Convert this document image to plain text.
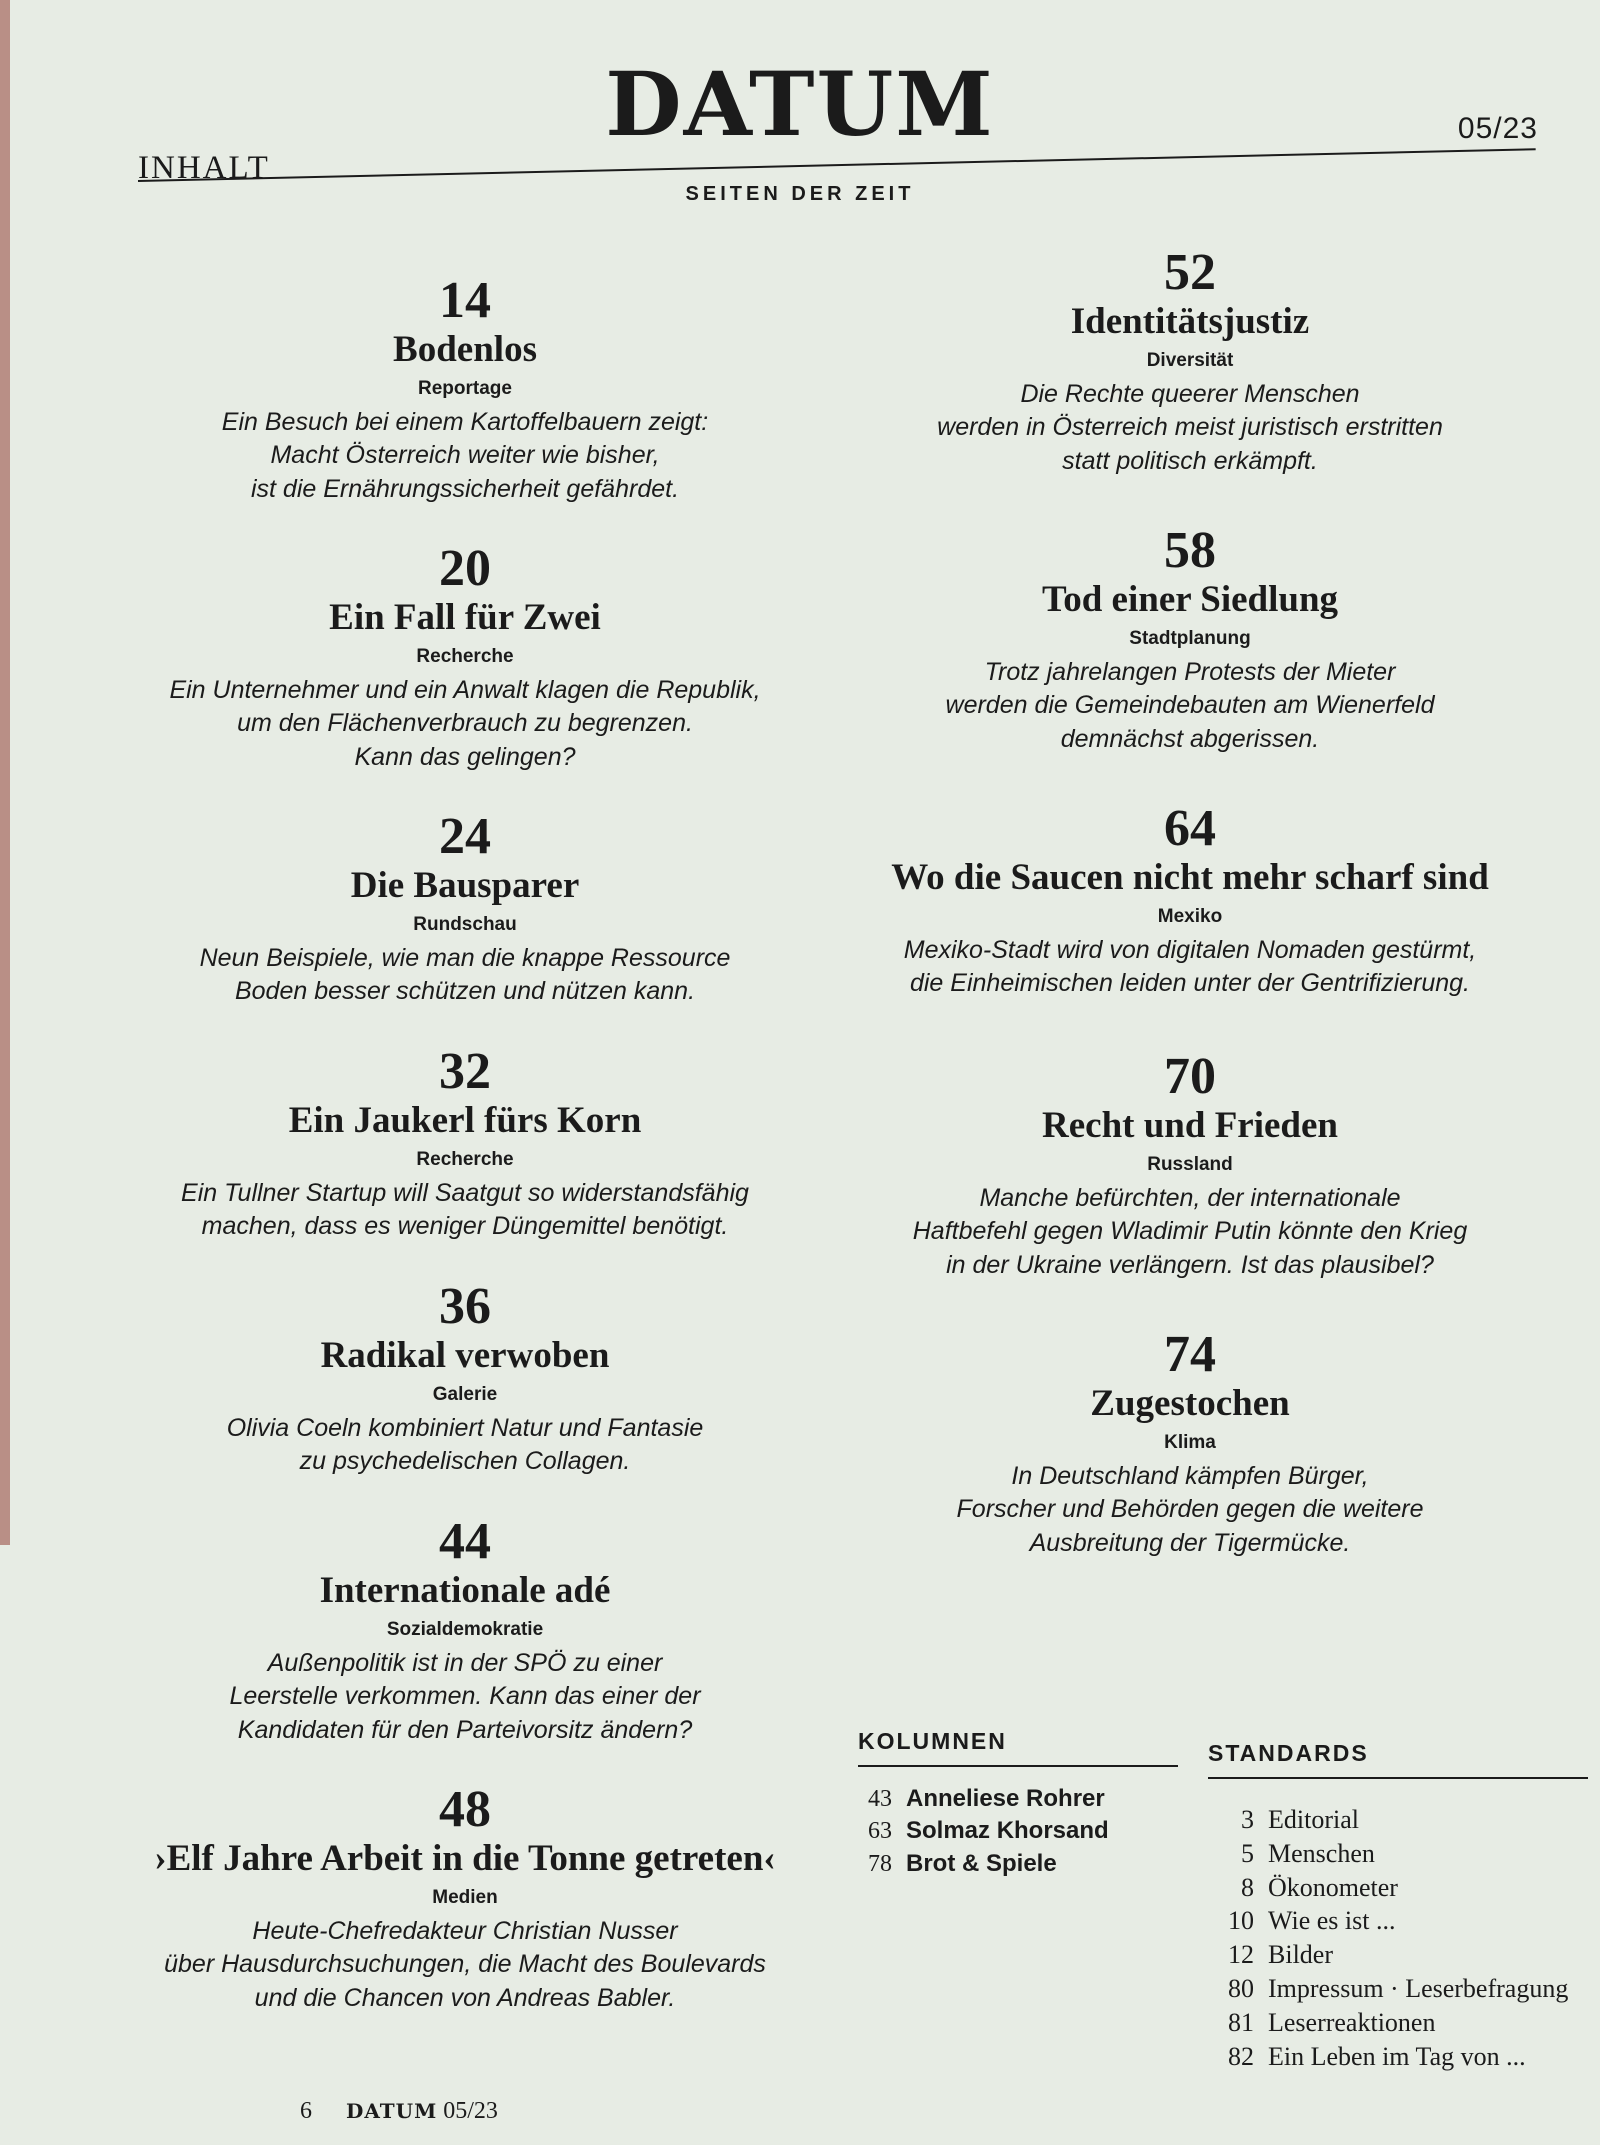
INHALT
DATUM	05/23
SEITEN DER ZEIT
14
Bodenlos
Reportage
Ein Besuch bei einem Kartoffelbauern zeigt:
Macht Österreich weiter wie bisher,
ist die Ernährungssicherheit gefährdet.
20
Ein Fall für Zwei
Recherche
Ein Unternehmer und ein Anwalt klagen die Republik,
um den Flächenverbrauch zu begrenzen.
Kann das gelingen?
24
Die Bausparer
Rundschau
Neun Beispiele, wie man die knappe Ressource
Boden besser schützen und nützen kann.
32
Ein Jaukerl fürs Korn
Recherche
Ein Tullner Startup will Saatgut so widerstandsfähig
machen, dass es weniger Düngemittel benötigt.
36
Radikal verwoben
Galerie
Olivia Coeln kombiniert Natur und Fantasie
zu psychedelischen Collagen.
44
Internationale adé
Sozialdemokratie
Außenpolitik ist in der SPÖ zu einer
Leerstelle verkommen. Kann das einer der
Kandidaten für den Parteivorsitz ändern?
48
›Elf Jahre Arbeit in die Tonne getreten‹
Medien
Heute-Chefredakteur Christian Nusser
über Hausdurchsuchungen, die Macht des Boulevards
und die Chancen von Andreas Babler.
52
Identitätsjustiz
Diversität
Die Rechte queerer Menschen
werden in Österreich meist juristisch erstritten
statt politisch erkämpft.
58
Tod einer Siedlung
Stadtplanung
Trotz jahrelangen Protests der Mieter
werden die Gemeindebauten am Wienerfeld
demnächst abgerissen.
64
Wo die Saucen nicht mehr scharf sind
Mexiko
Mexiko-Stadt wird von digitalen Nomaden gestürmt,
die Einheimischen leiden unter der Gentrifizierung.
70
Recht und Frieden
Russland
Manche befürchten, der internationale
Haftbefehl gegen Wladimir Putin könnte den Krieg
in der Ukraine verlängern. Ist das plausibel?
74
Zugestochen
Klima
In Deutschland kämpfen Bürger,
Forscher und Behörden gegen die weitere
Ausbreitung der Tigermücke.
KOLUMNEN
43 Anneliese Rohrer
63 Solmaz Khorsand
78 Brot & Spiele
STANDARDS
3 Editorial
5 Menschen
8 Ökonometer
10 Wie es ist ...
12 Bilder
80 Impressum · Leserbefragung
81 Leserreaktionen
82 Ein Leben im Tag von ...
6 DATUM 05/23
